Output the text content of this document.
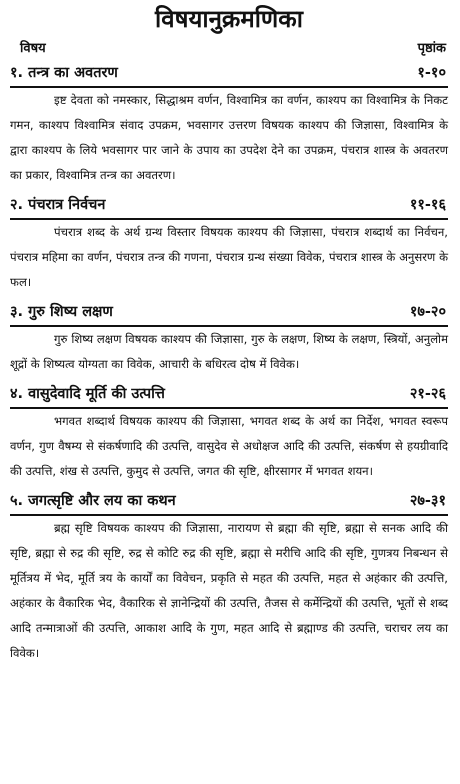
विषयानुक्रमणिका
विषय	पृष्ठांक
१. तन्त्र का अवतरण	१-१०

इष्ट देवता को नमस्कार, सिद्धाश्रम वर्णन, विश्वामित्र का वर्णन, काश्यप का विश्वामित्र के निकट गमन, काश्यप विश्वामित्र संवाद उपक्रम, भवसागर उत्तरण विषयक काश्यप की जिज्ञासा, विश्वामित्र के द्वारा काश्यप के लिये भवसागर पार जाने के उपाय का उपदेश देने का उपक्रम, पंचरात्र शास्त्र के अवतरण का प्रकार, विश्वामित्र तन्त्र का अवतरण।

२. पंचरात्र निर्वचन	११-१६

पंचरात्र शब्द के अर्थ ग्रन्थ विस्तार विषयक काश्यप की जिज्ञासा, पंचरात्र शब्दार्थ का निर्वचन, पंचरात्र महिमा का वर्णन, पंचरात्र तन्त्र की गणना, पंचरात्र ग्रन्थ संख्या विवेक, पंचरात्र शास्त्र के अनुसरण के फल।

३. गुरु शिष्य लक्षण	१७-२०

गुरु शिष्य लक्षण विषयक काश्यप की जिज्ञासा, गुरु के लक्षण, शिष्य के लक्षण, स्त्रियों, अनुलोम शूद्रों के शिष्यत्व योग्यता का विवेक, आचारी के बधिरत्व दोष में विवेक।

४. वासुदेवादि मूर्ति की उत्पत्ति	२१-२६

भगवत शब्दार्थ विषयक काश्यप की जिज्ञासा, भगवत शब्द के अर्थ का निर्देश, भगवत स्वरूप वर्णन, गुण वैषम्य से संकर्षणादि की उत्पत्ति, वासुदेव से अधोक्षज आदि की उत्पत्ति, संकर्षण से हयग्रीवादि की उत्पत्ति, शंख से उत्पत्ति, कुमुद से उत्पत्ति, जगत की सृष्टि, क्षीरसागर में भगवत शयन।

५. जगत्सृष्टि और लय का कथन	२७-३१

ब्रह्म सृष्टि विषयक काश्यप की जिज्ञासा, नारायण से ब्रह्मा की सृष्टि, ब्रह्मा से सनक आदि की सृष्टि, ब्रह्मा से रुद्र की सृष्टि, रुद्र से कोटि रुद्र की सृष्टि, ब्रह्मा से मरीचि आदि की सृष्टि, गुणत्रय निबन्धन से मूर्तित्रय में भेद, मूर्ति त्रय के कार्यों का विवेचन, प्रकृति से महत की उत्पत्ति, महत से अहंकार की उत्पत्ति, अहंकार के वैकारिक भेद, वैकारिक से ज्ञानेन्द्रियों की उत्पत्ति, तैजस से कर्मेन्द्रियों की उत्पत्ति, भूतों से शब्द आदि तन्मात्राओं की उत्पत्ति, आकाश आदि के गुण, महत आदि से ब्रह्माण्ड की उत्पत्ति, चराचर लय का विवेक।
